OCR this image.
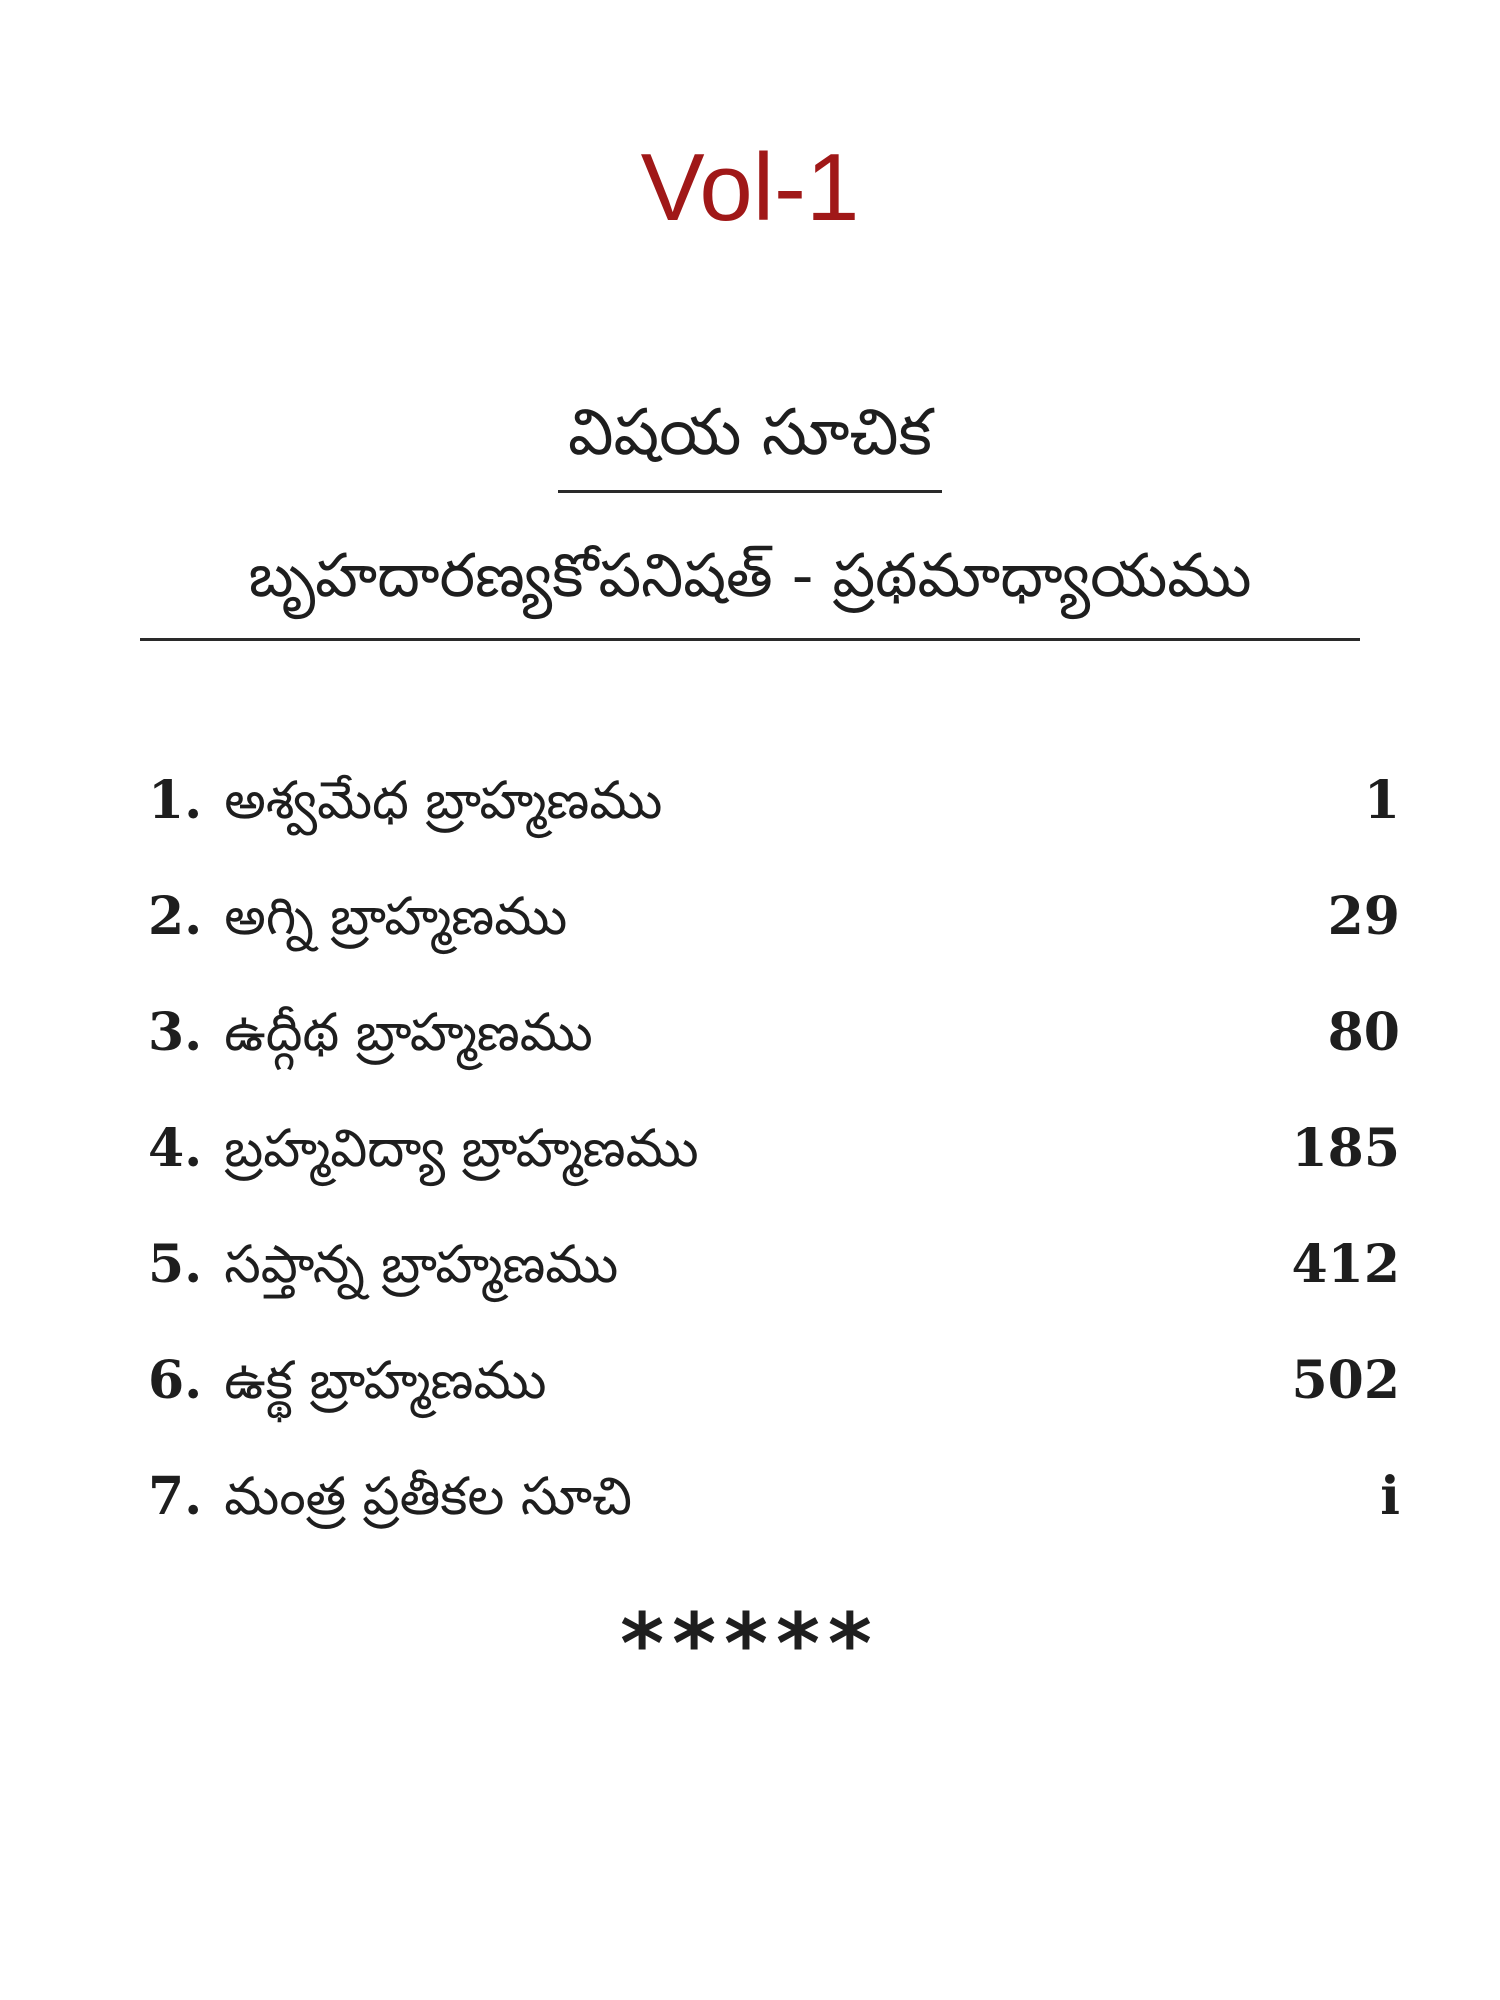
Vol-1
విషయ సూచిక
బృహదారణ్యకోపనిషత్ - ప్రథమాధ్యాయము
1. అశ్వమేధ బ్రాహ్మణము	1
2. అగ్ని బ్రాహ్మణము	29
3. ఉద్గీథ బ్రాహ్మణము	80
4. బ్రహ్మవిద్యా బ్రాహ్మణము	185
5. సప్తాన్న బ్రాహ్మణము	412
6. ఉక్థ బ్రాహ్మణము	502
7. మంత్ర ప్రతీకల సూచి	i
*****
